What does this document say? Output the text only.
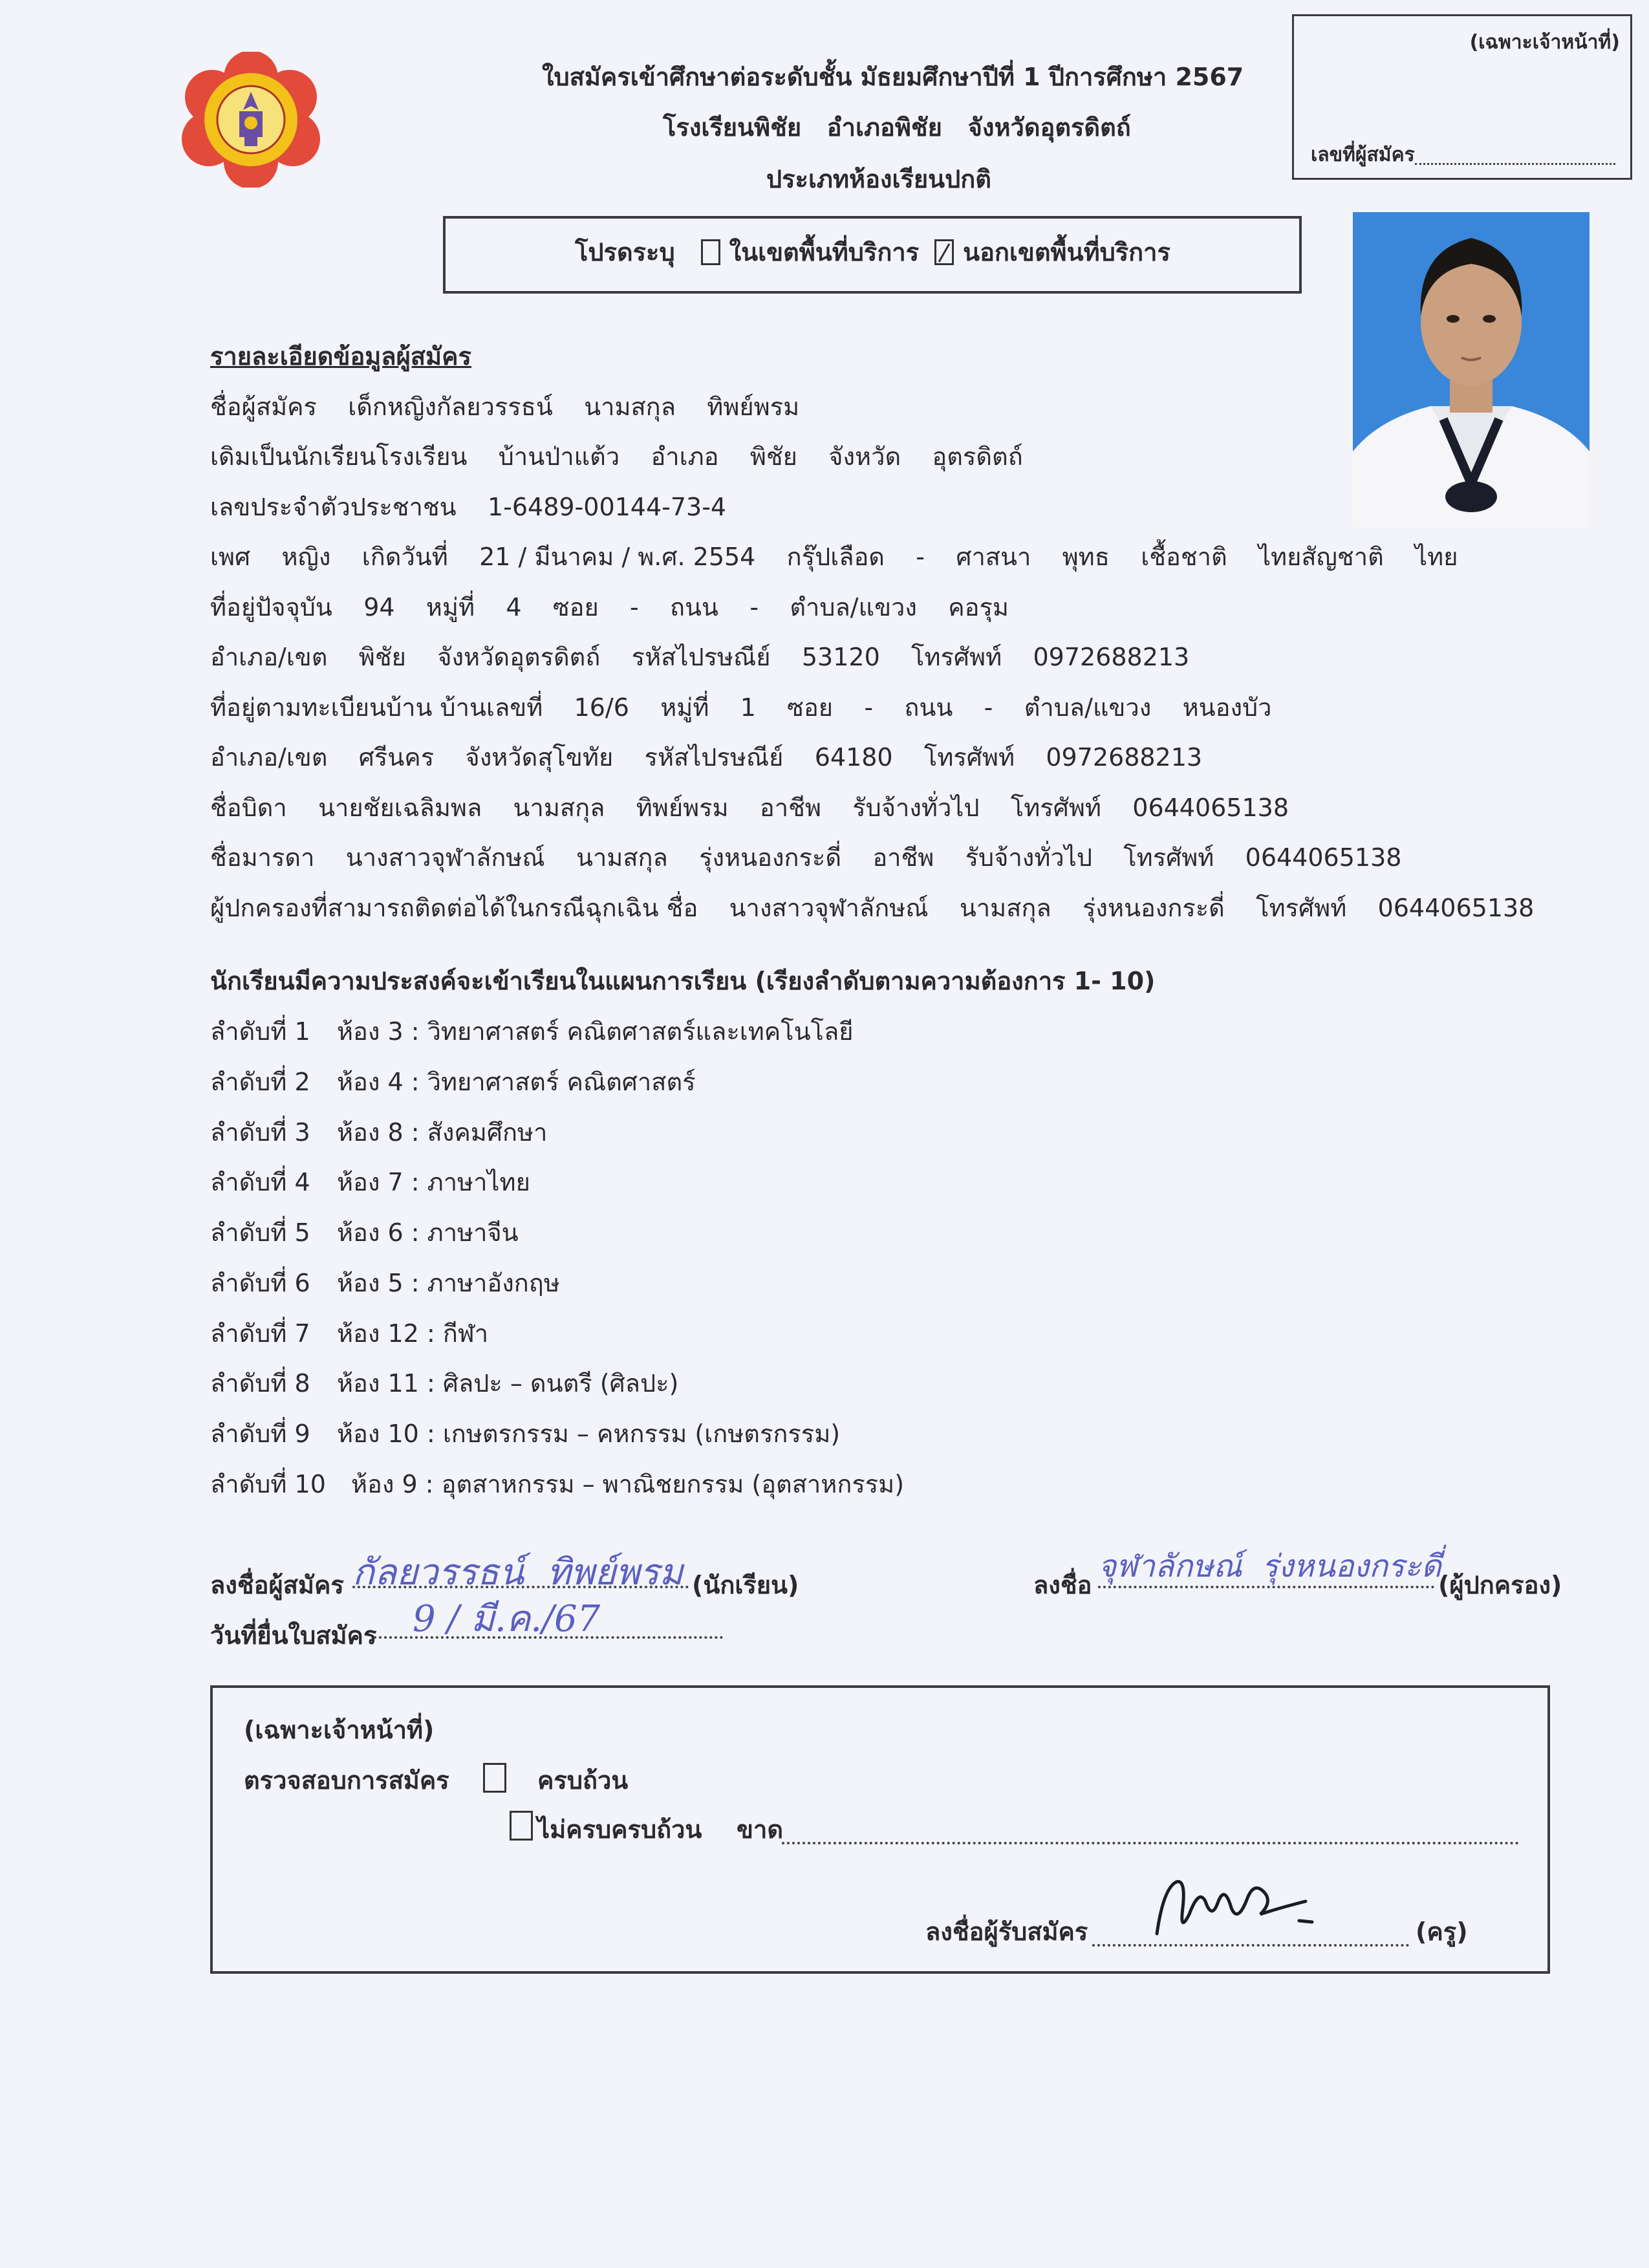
ใบสมัครเข้าศึกษาต่อระดับชั้น มัธยมศึกษาปีที่ 1 ปีการศึกษา 2567
โรงเรียนพิชัย   อำเภอพิชัย   จังหวัดอุตรดิตถ์
ประเภทห้องเรียนปกติ
(เฉพาะเจ้าหน้าที่)
เลขที่ผู้สมัคร
โปรดระบุ ในเขตพื้นที่บริการ นอกเขตพื้นที่บริการ
รายละเอียดข้อมูลผู้สมัคร
ชื่อผู้สมัคร    เด็กหญิงกัลยวรรธน์    นามสกุล    ทิพย์พรม
เดิมเป็นนักเรียนโรงเรียน    บ้านป่าแต้ว    อำเภอ    พิชัย    จังหวัด    อุตรดิตถ์
เลขประจำตัวประชาชน    1-6489-00144-73-4
เพศ    หญิง    เกิดวันที่    21 / มีนาคม / พ.ศ. 2554    กรุ๊ปเลือด    -    ศาสนา    พุทธ    เชื้อชาติ    ไทยสัญชาติ    ไทย
ที่อยู่ปัจจุบัน    94    หมู่ที่    4    ซอย    -    ถนน    -    ตำบล/แขวง    คอรุม
อำเภอ/เขต    พิชัย    จังหวัดอุตรดิตถ์    รหัสไปรษณีย์    53120    โทรศัพท์    0972688213
ที่อยู่ตามทะเบียนบ้าน บ้านเลขที่    16/6    หมู่ที่    1    ซอย    -    ถนน    -    ตำบล/แขวง    หนองบัว
อำเภอ/เขต    ศรีนคร    จังหวัดสุโขทัย    รหัสไปรษณีย์    64180    โทรศัพท์    0972688213
ชื่อบิดา    นายชัยเฉลิมพล    นามสกุล    ทิพย์พรม    อาชีพ    รับจ้างทั่วไป    โทรศัพท์    0644065138
ชื่อมารดา    นางสาวจุฬาลักษณ์    นามสกุล    รุ่งหนองกระดี่    อาชีพ    รับจ้างทั่วไป    โทรศัพท์    0644065138
ผู้ปกครองที่สามารถติดต่อได้ในกรณีฉุกเฉิน ชื่อ    นางสาวจุฬาลักษณ์    นามสกุล    รุ่งหนองกระดี่    โทรศัพท์    0644065138
นักเรียนมีความประสงค์จะเข้าเรียนในแผนการเรียน (เรียงลำดับตามความต้องการ 1- 10)
ลำดับที่ 1 ห้อง 3 : วิทยาศาสตร์ คณิตศาสตร์และเทคโนโลยี
ลำดับที่ 2 ห้อง 4 : วิทยาศาสตร์ คณิตศาสตร์
ลำดับที่ 3 ห้อง 8 : สังคมศึกษา
ลำดับที่ 4 ห้อง 7 : ภาษาไทย
ลำดับที่ 5 ห้อง 6 : ภาษาจีน
ลำดับที่ 6 ห้อง 5 : ภาษาอังกฤษ
ลำดับที่ 7 ห้อง 12 : กีฬา
ลำดับที่ 8 ห้อง 11 : ศิลปะ – ดนตรี (ศิลปะ)
ลำดับที่ 9 ห้อง 10 : เกษตรกรรม – คหกรรม (เกษตรกรรม)
ลำดับที่ 10 ห้อง 9 : อุตสาหกรรม – พาณิชยกรรม (อุตสาหกรรม)
ลงชื่อผู้สมัคร กัลยวรรธน์  ทิพย์พรม (นักเรียน)
วันที่ยื่นใบสมัคร 9 / มี.ค./67
ลงชื่อ
จุฬาลักษณ์  รุ่งหนองกระดี่
(ผู้ปกครอง)
(เฉพาะเจ้าหน้าที่)
ตรวจสอบการสมัคร
	ครบถ้วน
ไม่ครบครบถ้วน ขาด
ลงชื่อผู้รับสมัคร	(ครู)
